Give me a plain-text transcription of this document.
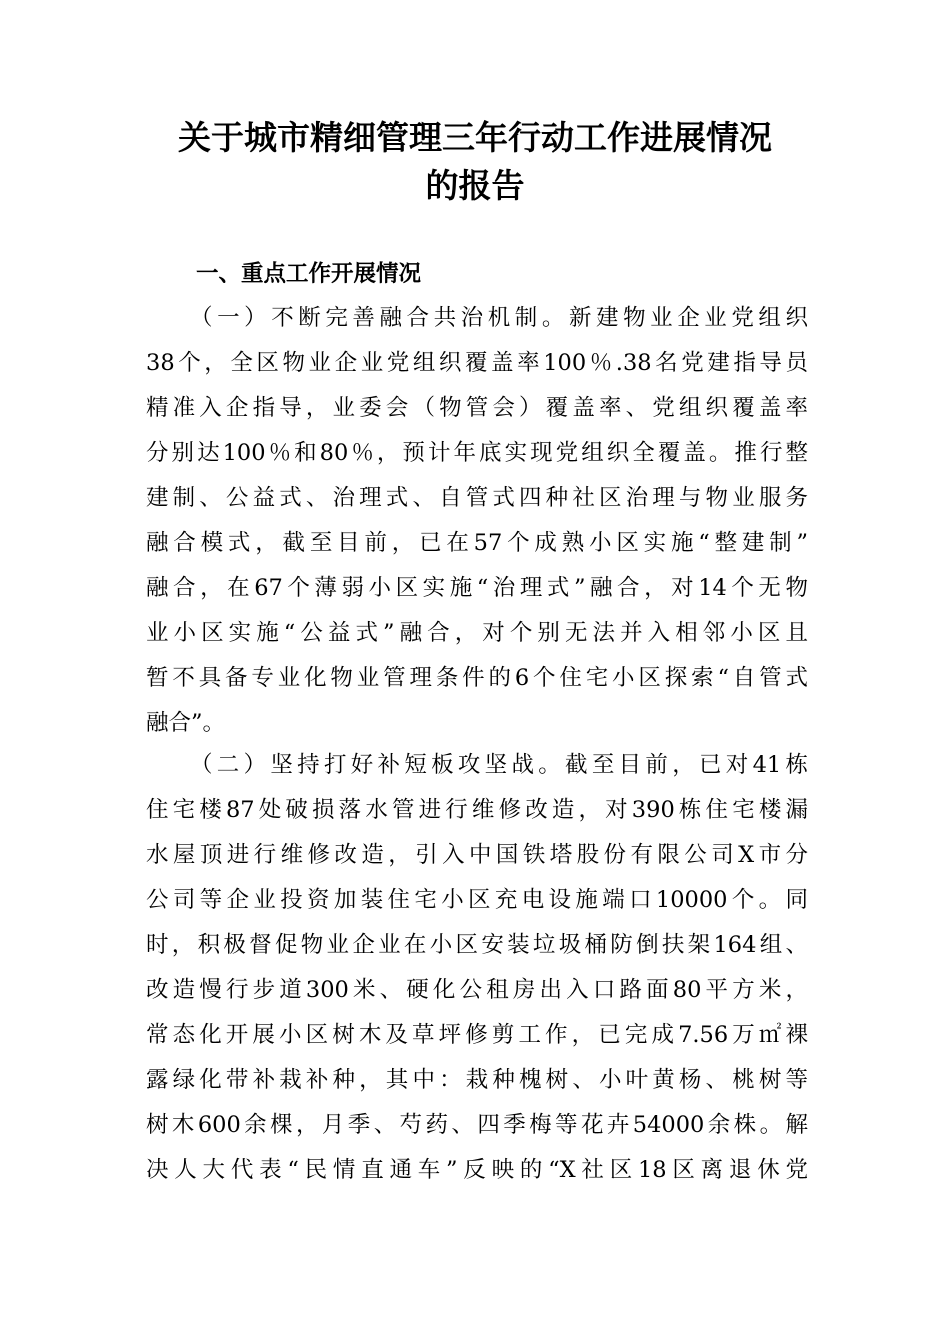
关于城市精细管理三年行动工作进展情况
的报告
一、重点工作开展情况

（一）不断完善融合共治机制。新建物业企业党组织
38个，全区物业企业党组织覆盖率100％.38名党建指导员
精准入企指导，业委会（物管会）覆盖率、党组织覆盖率
分别达100％和80％，预计年底实现党组织全覆盖。推行整
建制、公益式、治理式、自管式四种社区治理与物业服务
融合模式，截至目前，已在57个成熟小区实施“整建制”
融合，在67个薄弱小区实施“治理式”融合，对14个无物
业小区实施“公益式”融合，对个别无法并入相邻小区且
暂不具备专业化物业管理条件的6个住宅小区探索“自管式
融合”。

（二）坚持打好补短板攻坚战。截至目前，已对41栋
住宅楼87处破损落水管进行维修改造，对390栋住宅楼漏
水屋顶进行维修改造，引入中国铁塔股份有限公司X市分
公司等企业投资加装住宅小区充电设施端口10000个。同
时，积极督促物业企业在小区安装垃圾桶防倒扶架164组、
改造慢行步道300米、硬化公租房出入口路面80平方米，
常态化开展小区树木及草坪修剪工作，已完成7.56万㎡裸
露绿化带补栽补种，其中：栽种槐树、小叶黄杨、桃树等
树木600余棵，月季、芍药、四季梅等花卉54000余株。解
决人大代表“民情直通车”反映的“X社区18区离退休党
